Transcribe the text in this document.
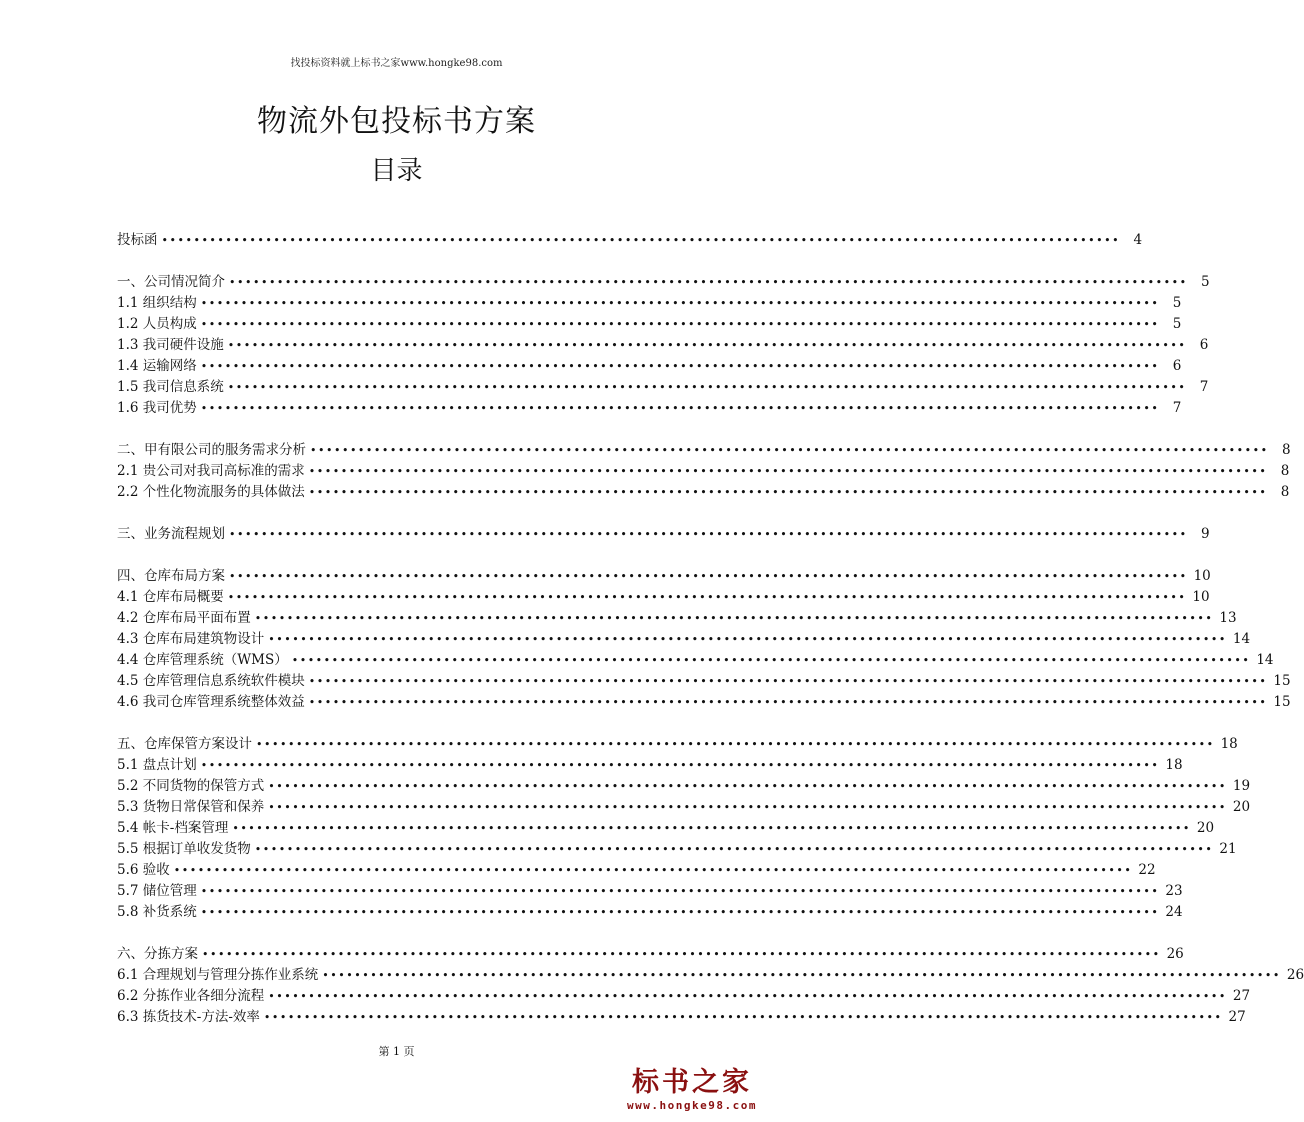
找投标资料就上标书之家www.hongke98.com
物流外包投标书方案
目录
投标函 •••••••••••••••••••••••••••••••••••••••••••••••••••••••••••••••••••••••••••••••••••••••••••••••••••••••••••••••••••••••• 4
一、公司情况简介 •••••••••••••••••••••••••••••••••••••••••••••••••••••••••••••••••••••••••••••••••••••••••••••••••••••••••••••••••••••••• 5
1.1 组织结构 •••••••••••••••••••••••••••••••••••••••••••••••••••••••••••••••••••••••••••••••••••••••••••••••••••••••••••••••••••••••• 5
1.2 人员构成 •••••••••••••••••••••••••••••••••••••••••••••••••••••••••••••••••••••••••••••••••••••••••••••••••••••••••••••••••••••••• 5
1.3 我司硬件设施 •••••••••••••••••••••••••••••••••••••••••••••••••••••••••••••••••••••••••••••••••••••••••••••••••••••••••••••••••••••••• 6
1.4 运输网络 •••••••••••••••••••••••••••••••••••••••••••••••••••••••••••••••••••••••••••••••••••••••••••••••••••••••••••••••••••••••• 6
1.5 我司信息系统 •••••••••••••••••••••••••••••••••••••••••••••••••••••••••••••••••••••••••••••••••••••••••••••••••••••••••••••••••••••••• 7
1.6 我司优势 •••••••••••••••••••••••••••••••••••••••••••••••••••••••••••••••••••••••••••••••••••••••••••••••••••••••••••••••••••••••• 7
二、甲有限公司的服务需求分析 •••••••••••••••••••••••••••••••••••••••••••••••••••••••••••••••••••••••••••••••••••••••••••••••••••••••••••••••••••••••• 8
2.1 贵公司对我司高标准的需求 •••••••••••••••••••••••••••••••••••••••••••••••••••••••••••••••••••••••••••••••••••••••••••••••••••••••••••••••••••••••• 8
2.2 个性化物流服务的具体做法 •••••••••••••••••••••••••••••••••••••••••••••••••••••••••••••••••••••••••••••••••••••••••••••••••••••••••••••••••••••••• 8
三、业务流程规划 •••••••••••••••••••••••••••••••••••••••••••••••••••••••••••••••••••••••••••••••••••••••••••••••••••••••••••••••••••••••• 9
四、仓库布局方案 •••••••••••••••••••••••••••••••••••••••••••••••••••••••••••••••••••••••••••••••••••••••••••••••••••••••••••••••••••••••• 10
4.1 仓库布局概要 •••••••••••••••••••••••••••••••••••••••••••••••••••••••••••••••••••••••••••••••••••••••••••••••••••••••••••••••••••••••• 10
4.2 仓库布局平面布置 •••••••••••••••••••••••••••••••••••••••••••••••••••••••••••••••••••••••••••••••••••••••••••••••••••••••••••••••••••••••• 13
4.3 仓库布局建筑物设计 •••••••••••••••••••••••••••••••••••••••••••••••••••••••••••••••••••••••••••••••••••••••••••••••••••••••••••••••••••••••• 14
4.4 仓库管理系统（WMS） •••••••••••••••••••••••••••••••••••••••••••••••••••••••••••••••••••••••••••••••••••••••••••••••••••••••••••••••••••••••• 14
4.5 仓库管理信息系统软件模块 •••••••••••••••••••••••••••••••••••••••••••••••••••••••••••••••••••••••••••••••••••••••••••••••••••••••••••••••••••••••• 15
4.6 我司仓库管理系统整体效益 •••••••••••••••••••••••••••••••••••••••••••••••••••••••••••••••••••••••••••••••••••••••••••••••••••••••••••••••••••••••• 15
五、仓库保管方案设计 •••••••••••••••••••••••••••••••••••••••••••••••••••••••••••••••••••••••••••••••••••••••••••••••••••••••••••••••••••••••• 18
5.1 盘点计划 •••••••••••••••••••••••••••••••••••••••••••••••••••••••••••••••••••••••••••••••••••••••••••••••••••••••••••••••••••••••• 18
5.2 不同货物的保管方式 •••••••••••••••••••••••••••••••••••••••••••••••••••••••••••••••••••••••••••••••••••••••••••••••••••••••••••••••••••••••• 19
5.3 货物日常保管和保养 •••••••••••••••••••••••••••••••••••••••••••••••••••••••••••••••••••••••••••••••••••••••••••••••••••••••••••••••••••••••• 20
5.4 帐卡-档案管理 •••••••••••••••••••••••••••••••••••••••••••••••••••••••••••••••••••••••••••••••••••••••••••••••••••••••••••••••••••••••• 20
5.5 根据订单收发货物 •••••••••••••••••••••••••••••••••••••••••••••••••••••••••••••••••••••••••••••••••••••••••••••••••••••••••••••••••••••••• 21
5.6 验收 •••••••••••••••••••••••••••••••••••••••••••••••••••••••••••••••••••••••••••••••••••••••••••••••••••••••••••••••••••••••• 22
5.7 储位管理 •••••••••••••••••••••••••••••••••••••••••••••••••••••••••••••••••••••••••••••••••••••••••••••••••••••••••••••••••••••••• 23
5.8 补货系统 •••••••••••••••••••••••••••••••••••••••••••••••••••••••••••••••••••••••••••••••••••••••••••••••••••••••••••••••••••••••• 24
六、分拣方案 •••••••••••••••••••••••••••••••••••••••••••••••••••••••••••••••••••••••••••••••••••••••••••••••••••••••••••••••••••••••• 26
6.1 合理规划与管理分拣作业系统 •••••••••••••••••••••••••••••••••••••••••••••••••••••••••••••••••••••••••••••••••••••••••••••••••••••••••••••••••••••••• 26
6.2 分拣作业各细分流程 •••••••••••••••••••••••••••••••••••••••••••••••••••••••••••••••••••••••••••••••••••••••••••••••••••••••••••••••••••••••• 27
6.3 拣货技术-方法-效率 •••••••••••••••••••••••••••••••••••••••••••••••••••••••••••••••••••••••••••••••••••••••••••••••••••••••••••••••••••••••• 27
第 1 页
标书之家
www.hongke98.com
